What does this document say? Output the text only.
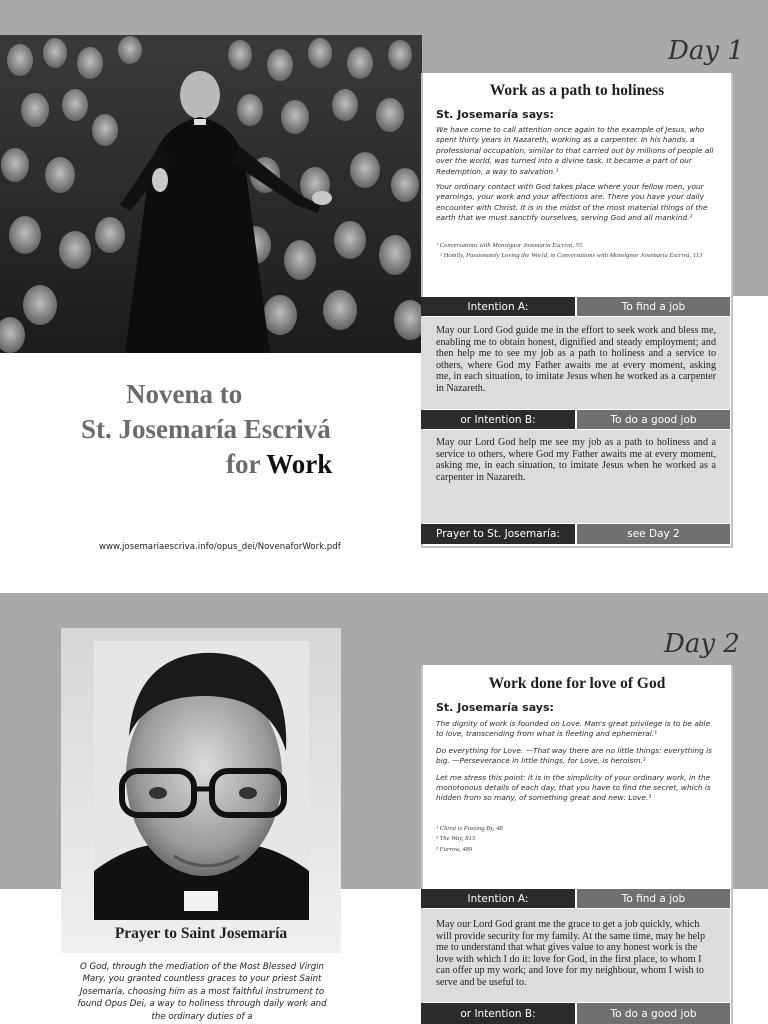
Day 1
Work as a path to holiness
St. Josemaría says:

We have come to call attention once again to the example of Jesus, who spent thirty years in Nazareth, working as a carpenter. In his hands, a professional occupation, similar to that carried out by millions of people all over the world, was turned into a divine task. It became a part of our Redemption, a way to salvation.¹

Your ordinary contact with God takes place where your fellow men, your yearnings, your work and your affections are. There you have your daily encounter with Christ. It is in the midst of the most material things of the earth that we must sanctify ourselves, serving God and all mankind.²

¹ Conversations with Monsignor Josemaría Escrivá, 55

² Homily, Passionately Loving the World, in Conversations with Monsignor Josemaría Escrivá, 113

Intention A:	To find a job
May our Lord God guide me in the effort to seek work and bless me, enabling me to obtain honest, dignified and steady employment; and then help me to see my job as a path to holiness and a service to others, where God my Father awaits me at every moment, asking me, in each situation, to imitate Jesus when he worked as a carpenter in Nazareth.
or Intention B:	To do a good job
May our Lord God help me see my job as a path to holiness and a service to others, where God my Father awaits me at every moment, asking me, in each situation, to imitate Jesus when he worked as a carpenter in Nazareth.
Prayer to St. Josemaría:	see Day 2
Novena to
St. Josemaría Escrivá
for Work
www.josemariaescriva.info/opus_dei/NovenaforWork.pdf
Prayer to Saint Josemaría
O God, through the mediation of the Most Blessed Virgin Mary, you granted countless graces to your priest Saint Josemaría, choosing him as a most faithful instrument to found Opus Dei, a way to holiness through daily work and the ordinary duties of a
Day 2
Work done for love of God
St. Josemaría says:

The dignity of work is founded on Love. Man's great privilege is to be able to love, transcending from what is fleeting and ephemeral.¹

Do everything for Love. —That way there are no little things: everything is big. —Perseverance in little things, for Love, is heroism.²

Let me stress this point: it is in the simplicity of your ordinary work, in the monotonous details of each day, that you have to find the secret, which is hidden from so many, of something great and new: Love.³

¹ Christ is Passing By, 48

² The Way, 813

³ Furrow, 489

Intention A:	To find a job
May our Lord God grant me the grace to get a job quickly, which will provide security for my family. At the same time, may he help me to understand that what gives value to any honest work is the love with which I do it: love for God, in the first place, to whom I can offer up my work; and love for my neighbour, whom I wish to serve and be useful to.
or Intention B:	To do a good job
